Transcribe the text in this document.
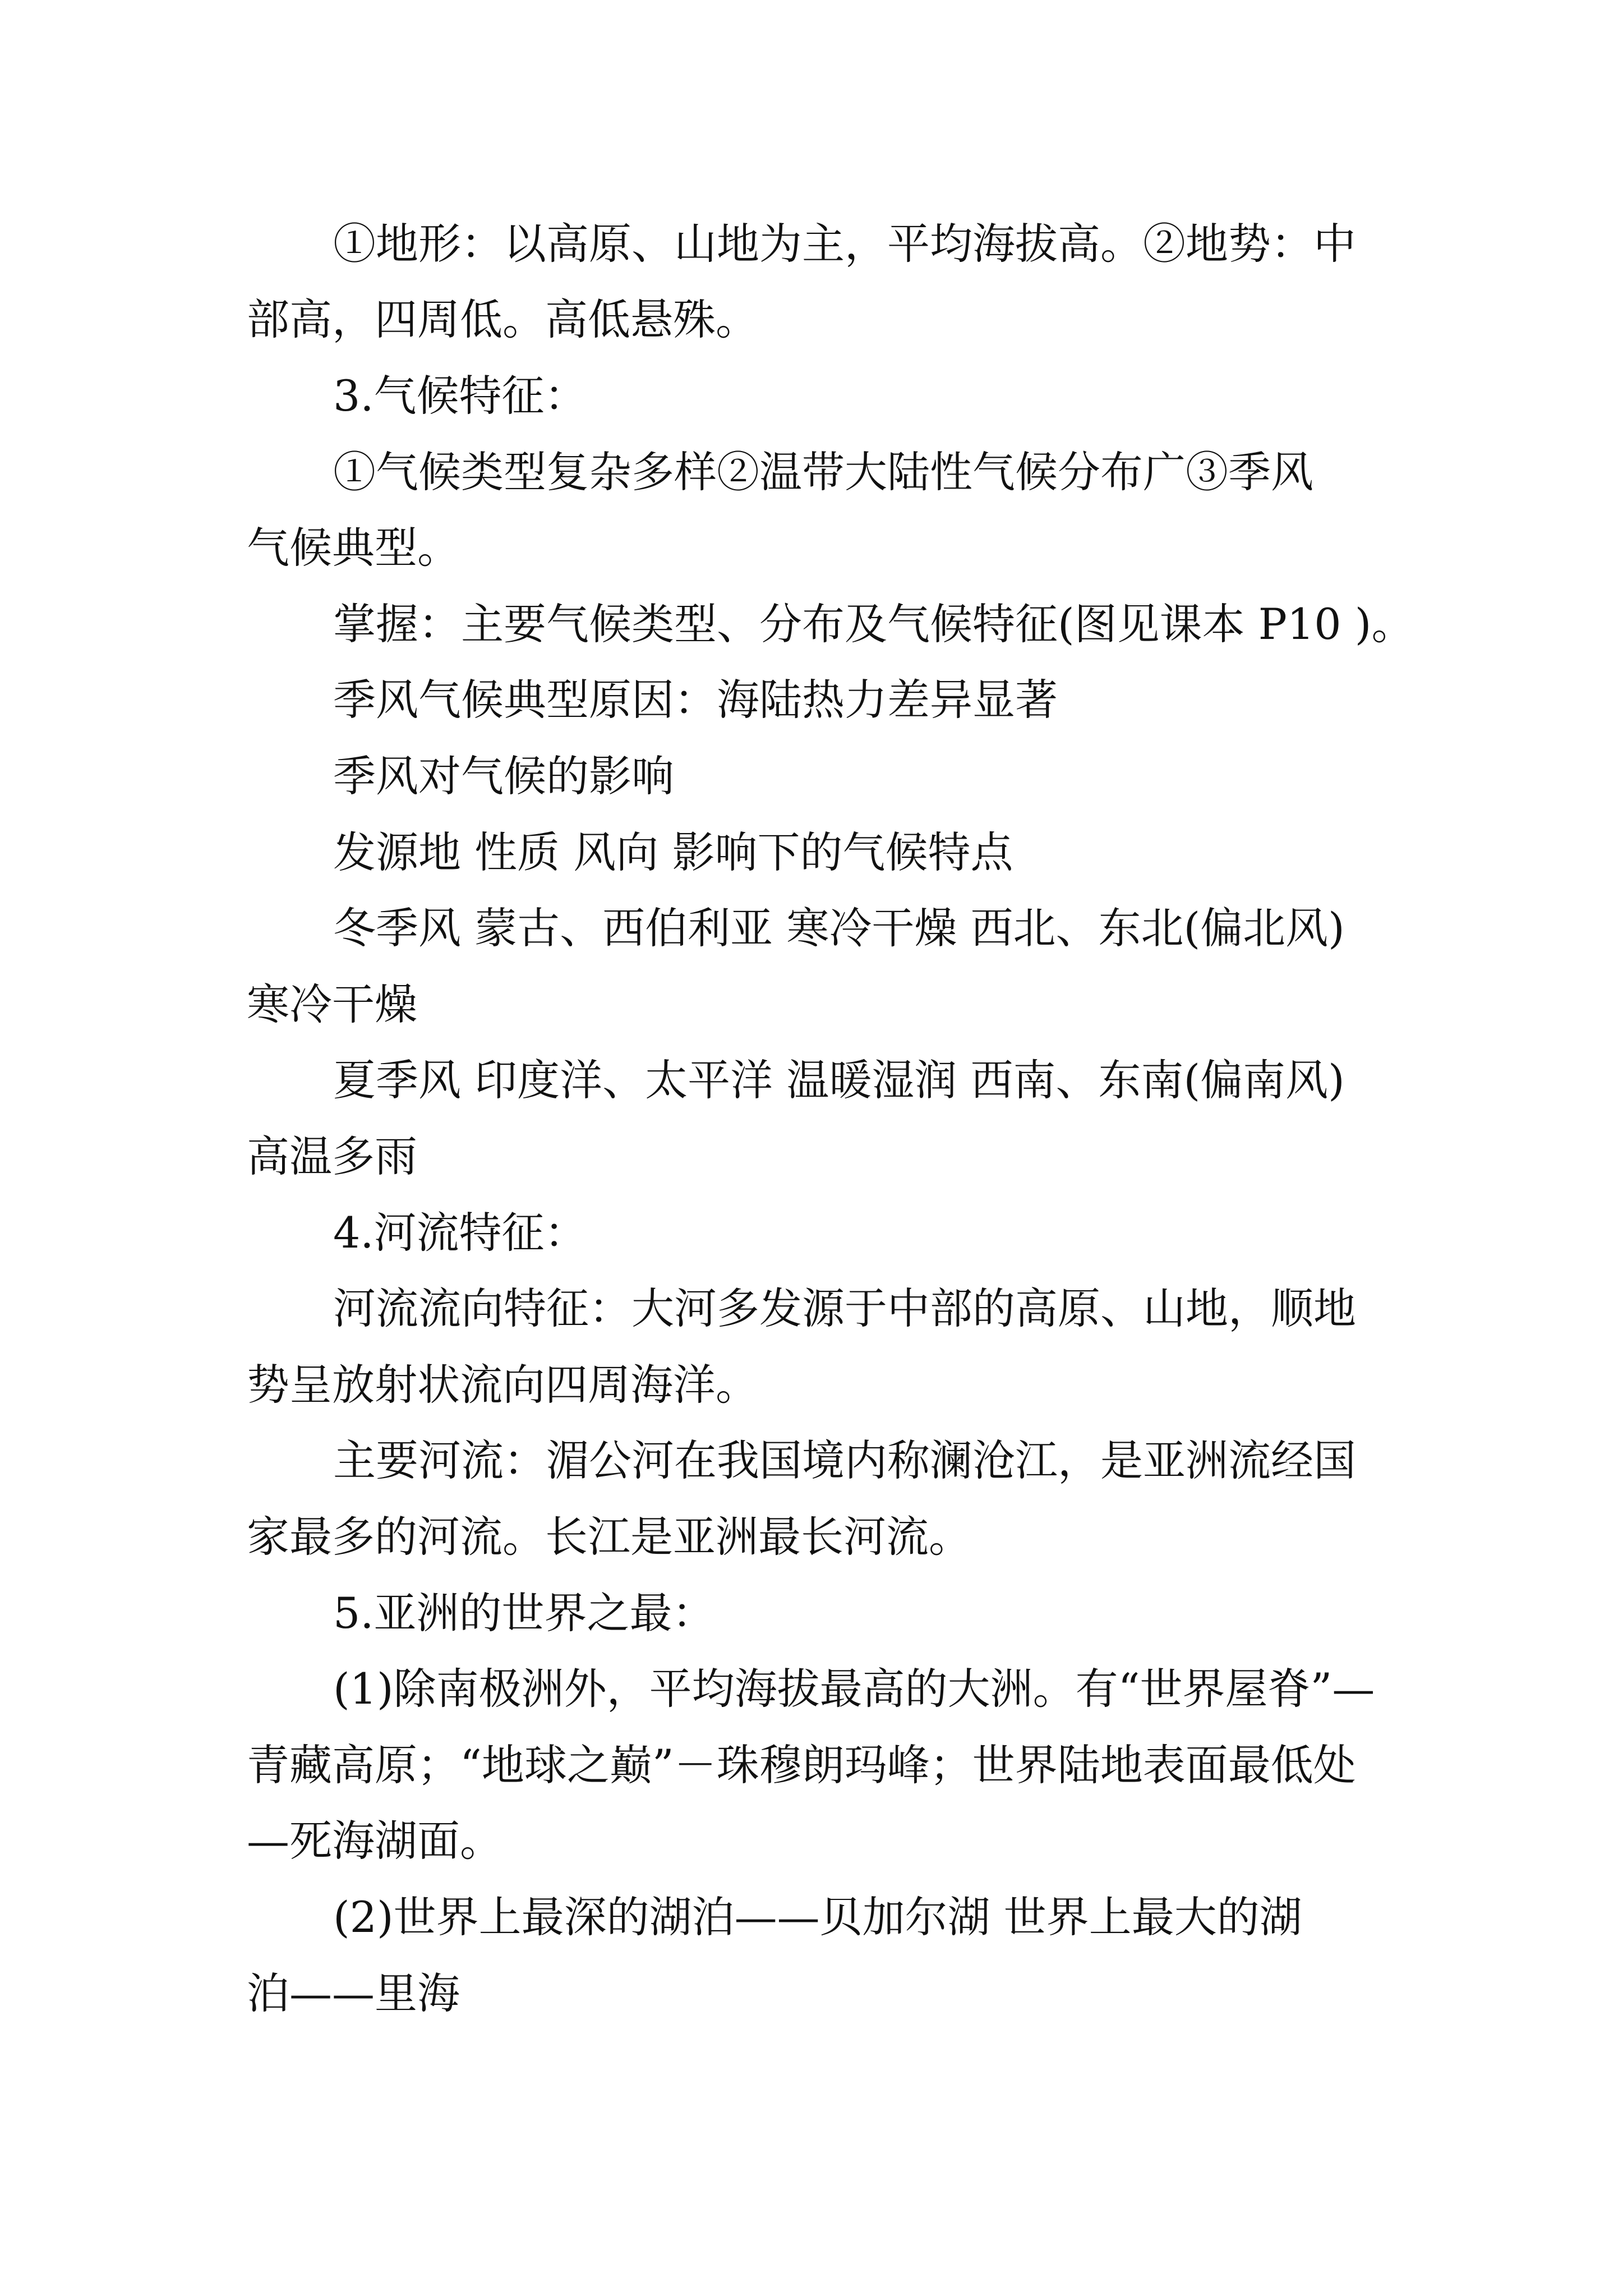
①地形：以高原、山地为主，平均海拔高。②地势：中
部高，四周低。高低悬殊。
3.气候特征：
①气候类型复杂多样②温带大陆性气候分布广③季风
气候典型。
掌握：主要气候类型、分布及气候特征(图见课本 P10 )。
季风气候典型原因：海陆热力差异显著
季风对气候的影响
发源地 性质 风向 影响下的气候特点
冬季风 蒙古、西伯利亚 寒冷干燥 西北、东北(偏北风)
寒冷干燥
夏季风 印度洋、太平洋 温暖湿润 西南、东南(偏南风)
高温多雨
4.河流特征：
河流流向特征：大河多发源于中部的高原、山地，顺地
势呈放射状流向四周海洋。
主要河流：湄公河在我国境内称澜沧江，是亚洲流经国
家最多的河流。长江是亚洲最长河流。
5.亚洲的世界之最：
(1)除南极洲外，平均海拔最高的大洲。有“世界屋脊”—
青藏高原；“地球之巅”－珠穆朗玛峰；世界陆地表面最低处
—死海湖面。
(2)世界上最深的湖泊——贝加尔湖 世界上最大的湖
泊——里海
